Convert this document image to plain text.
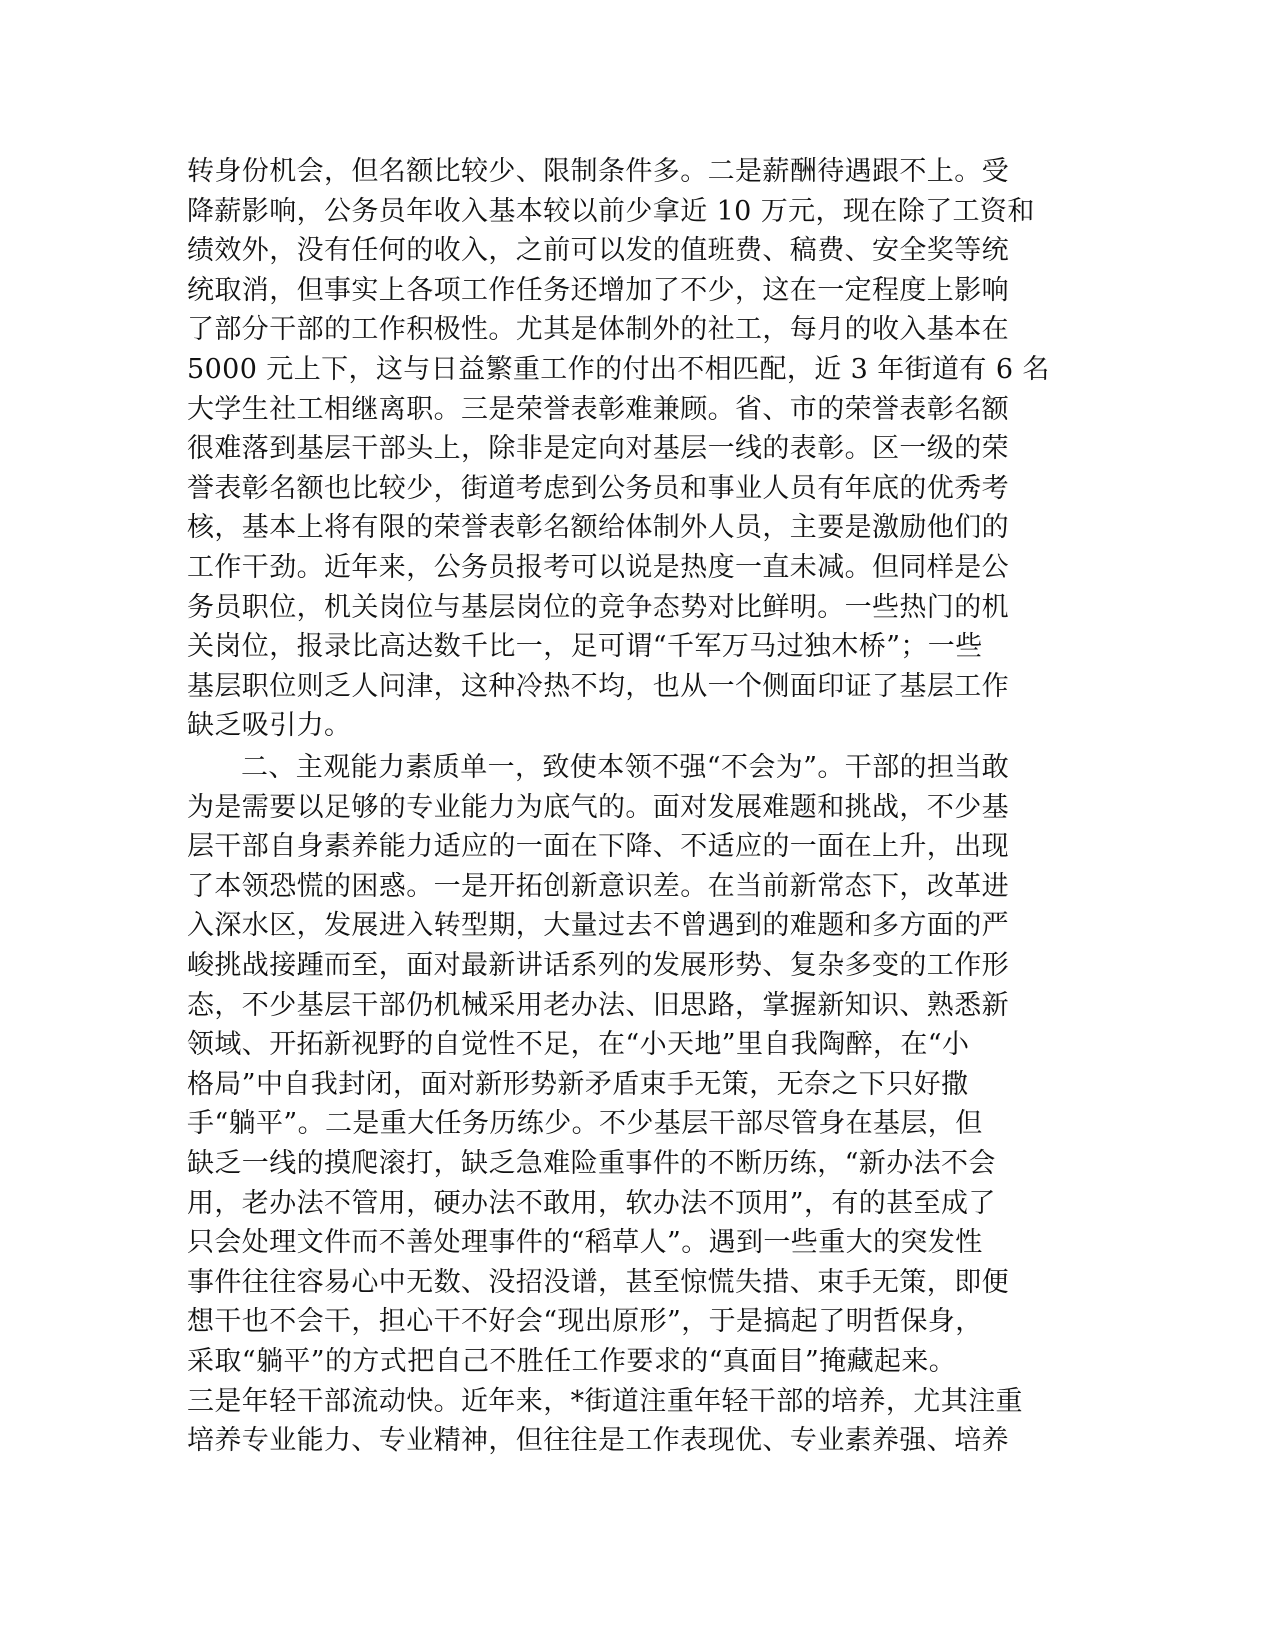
转身份机会，但名额比较少、限制条件多。二是薪酬待遇跟不上。受
降薪影响，公务员年收入基本较以前少拿近 10 万元，现在除了工资和
绩效外，没有任何的收入，之前可以发的值班费、稿费、安全奖等统
统取消，但事实上各项工作任务还增加了不少，这在一定程度上影响
了部分干部的工作积极性。尤其是体制外的社工，每月的收入基本在
5000 元上下，这与日益繁重工作的付出不相匹配，近 3 年街道有 6 名
大学生社工相继离职。三是荣誉表彰难兼顾。省、市的荣誉表彰名额
很难落到基层干部头上，除非是定向对基层一线的表彰。区一级的荣
誉表彰名额也比较少，街道考虑到公务员和事业人员有年底的优秀考
核，基本上将有限的荣誉表彰名额给体制外人员，主要是激励他们的
工作干劲。近年来，公务员报考可以说是热度一直未减。但同样是公
务员职位，机关岗位与基层岗位的竞争态势对比鲜明。一些热门的机
关岗位，报录比高达数千比一，足可谓“千军万马过独木桥”；一些
基层职位则乏人问津，这种冷热不均，也从一个侧面印证了基层工作
缺乏吸引力。
二、主观能力素质单一，致使本领不强“不会为”。干部的担当敢
为是需要以足够的专业能力为底气的。面对发展难题和挑战，不少基
层干部自身素养能力适应的一面在下降、不适应的一面在上升，出现
了本领恐慌的困惑。一是开拓创新意识差。在当前新常态下，改革进
入深水区，发展进入转型期，大量过去不曾遇到的难题和多方面的严
峻挑战接踵而至，面对最新讲话系列的发展形势、复杂多变的工作形
态，不少基层干部仍机械采用老办法、旧思路，掌握新知识、熟悉新
领域、开拓新视野的自觉性不足，在“小天地”里自我陶醉，在“小
格局”中自我封闭，面对新形势新矛盾束手无策，无奈之下只好撒
手“躺平”。二是重大任务历练少。不少基层干部尽管身在基层，但
缺乏一线的摸爬滚打，缺乏急难险重事件的不断历练，“新办法不会
用，老办法不管用，硬办法不敢用，软办法不顶用”，有的甚至成了
只会处理文件而不善处理事件的“稻草人”。遇到一些重大的突发性
事件往往容易心中无数、没招没谱，甚至惊慌失措、束手无策，即便
想干也不会干，担心干不好会“现出原形”，于是搞起了明哲保身，
采取“躺平”的方式把自己不胜任工作要求的“真面目”掩藏起来。
三是年轻干部流动快。近年来，*街道注重年轻干部的培养，尤其注重
培养专业能力、专业精神，但往往是工作表现优、专业素养强、培养
